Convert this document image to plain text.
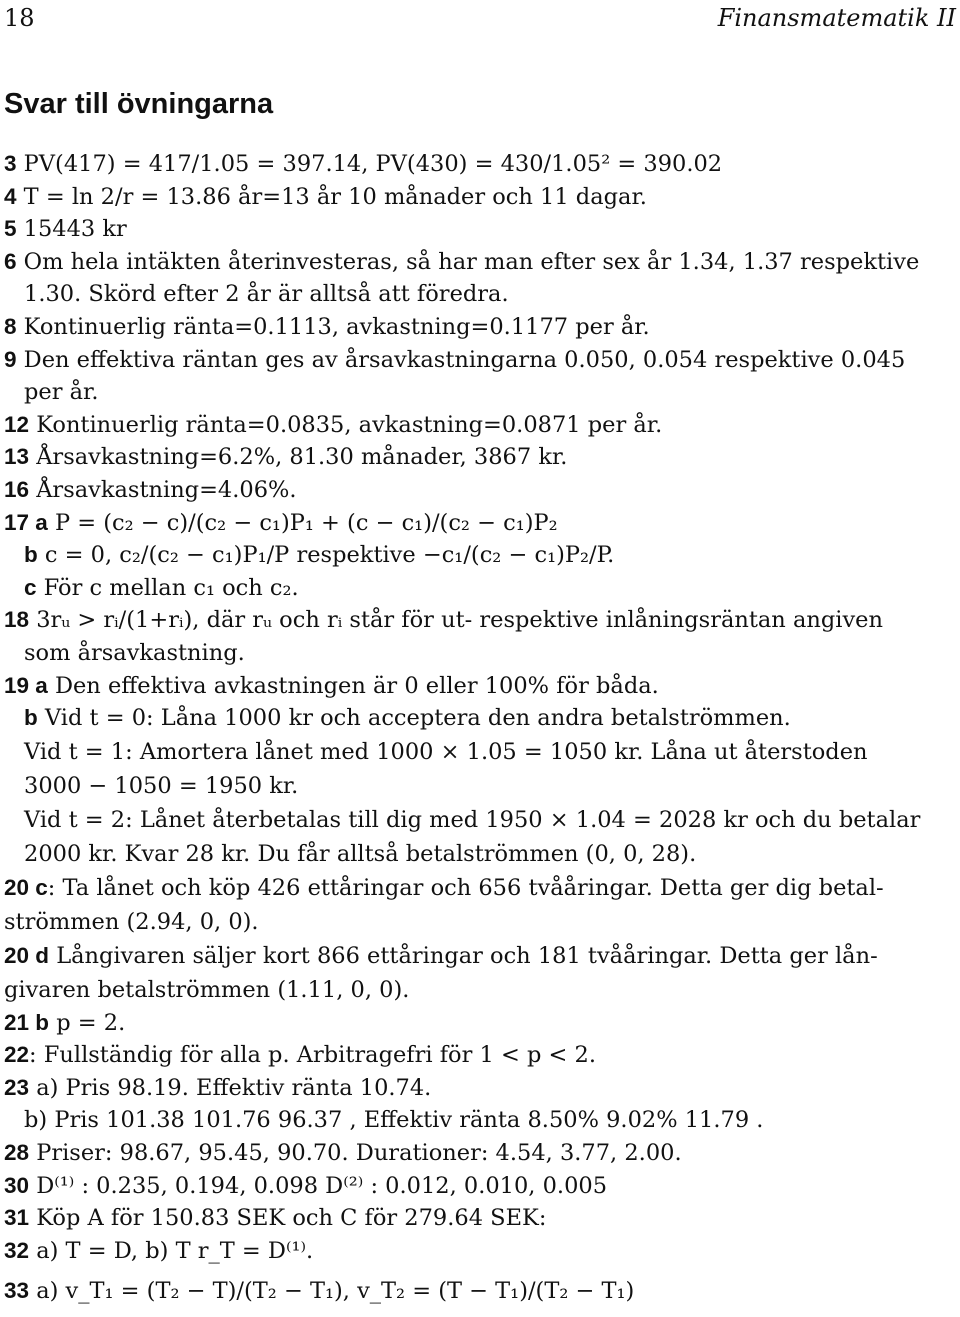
18	Finansmatematik II
Svar till övningarna
3 PV(417) = 417/1.05 = 397.14, PV(430) = 430/1.05² = 390.02
4 T = ln 2/r = 13.86 år=13 år 10 månader och 11 dagar.
5 15443 kr
6 Om hela intäkten återinvesteras, så har man efter sex år 1.34, 1.37 respektive
1.30. Skörd efter 2 år är alltså att föredra.
8 Kontinuerlig ränta=0.1113, avkastning=0.1177 per år.
9 Den effektiva räntan ges av årsavkastningarna 0.050, 0.054 respektive 0.045
per år.
12 Kontinuerlig ränta=0.0835, avkastning=0.0871 per år.
13 Årsavkastning=6.2%, 81.30 månader, 3867 kr.
16 Årsavkastning=4.06%.
17 a P = (c₂ − c)/(c₂ − c₁)P₁ + (c − c₁)/(c₂ − c₁)P₂
b c = 0, c₂/(c₂ − c₁)P₁/P respektive −c₁/(c₂ − c₁)P₂/P.
c För c mellan c₁ och c₂.
18 3rᵤ > rᵢ/(1+rᵢ), där rᵤ och rᵢ står för ut- respektive inlåningsräntan angiven
som årsavkastning.
19 a Den effektiva avkastningen är 0 eller 100% för båda.
b Vid t = 0: Låna 1000 kr och acceptera den andra betalströmmen.
Vid t = 1: Amortera lånet med 1000 × 1.05 = 1050 kr. Låna ut återstoden
3000 − 1050 = 1950 kr.
Vid t = 2: Lånet återbetalas till dig med 1950 × 1.04 = 2028 kr och du betalar
2000 kr. Kvar 28 kr. Du får alltså betalströmmen (0, 0, 28).
20 c: Ta lånet och köp 426 ettåringar och 656 tvååringar. Detta ger dig betal-
strömmen (2.94, 0, 0).
20 d Långivaren säljer kort 866 ettåringar och 181 tvååringar. Detta ger lån-
givaren betalströmmen (1.11, 0, 0).
21 b p = 2.
22: Fullständig för alla p. Arbitragefri för 1 < p < 2.
23 a) Pris 98.19. Effektiv ränta 10.74.
b) Pris 101.38 101.76 96.37 , Effektiv ränta 8.50% 9.02% 11.79 .
28 Priser: 98.67, 95.45, 90.70. Durationer: 4.54, 3.77, 2.00.
30 D⁽¹⁾ : 0.235, 0.194, 0.098 D⁽²⁾ : 0.012, 0.010, 0.005
31 Köp A för 150.83 SEK och C för 279.64 SEK:
32 a) T = D, b) T r_T = D⁽¹⁾.
33 a) v_T₁ = (T₂ − T)/(T₂ − T₁), v_T₂ = (T − T₁)/(T₂ − T₁)
